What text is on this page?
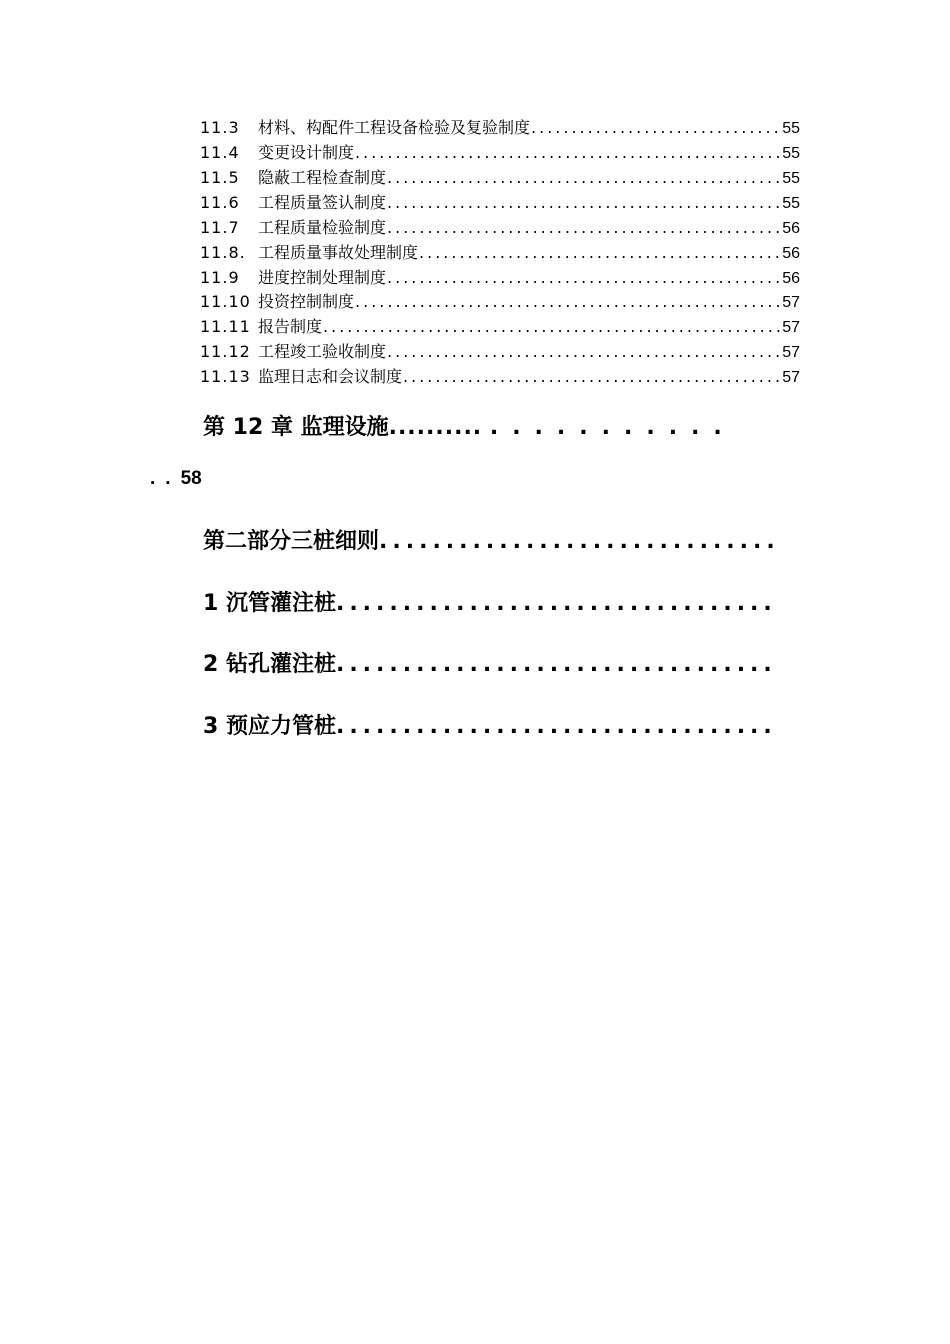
11.3	材料、构配件工程设备检验及复验制度 .....	55
11.4	变更设计制度 .....	55
11.5	隐蔽工程检查制度 .....	55
11.6	工程质量签认制度 .....	55
11.7	工程质量检验制度 .....	56
11.8. 工程质量事故处理制度 .....	56
11.9	进度控制处理制度 .....	56
11.10 投资控制制度 .....	57
11.11 报告制度 .....	57
11.12 工程竣工验收制度 .....	57
11.13 监理日志和会议制度 .....	57
第 12 章 监理设施.......... ...........
..58
第二部分三桩细则
.....
1 沉管灌注桩
.....
2 钻孔灌注桩
.....
3 预应力管桩
.....
